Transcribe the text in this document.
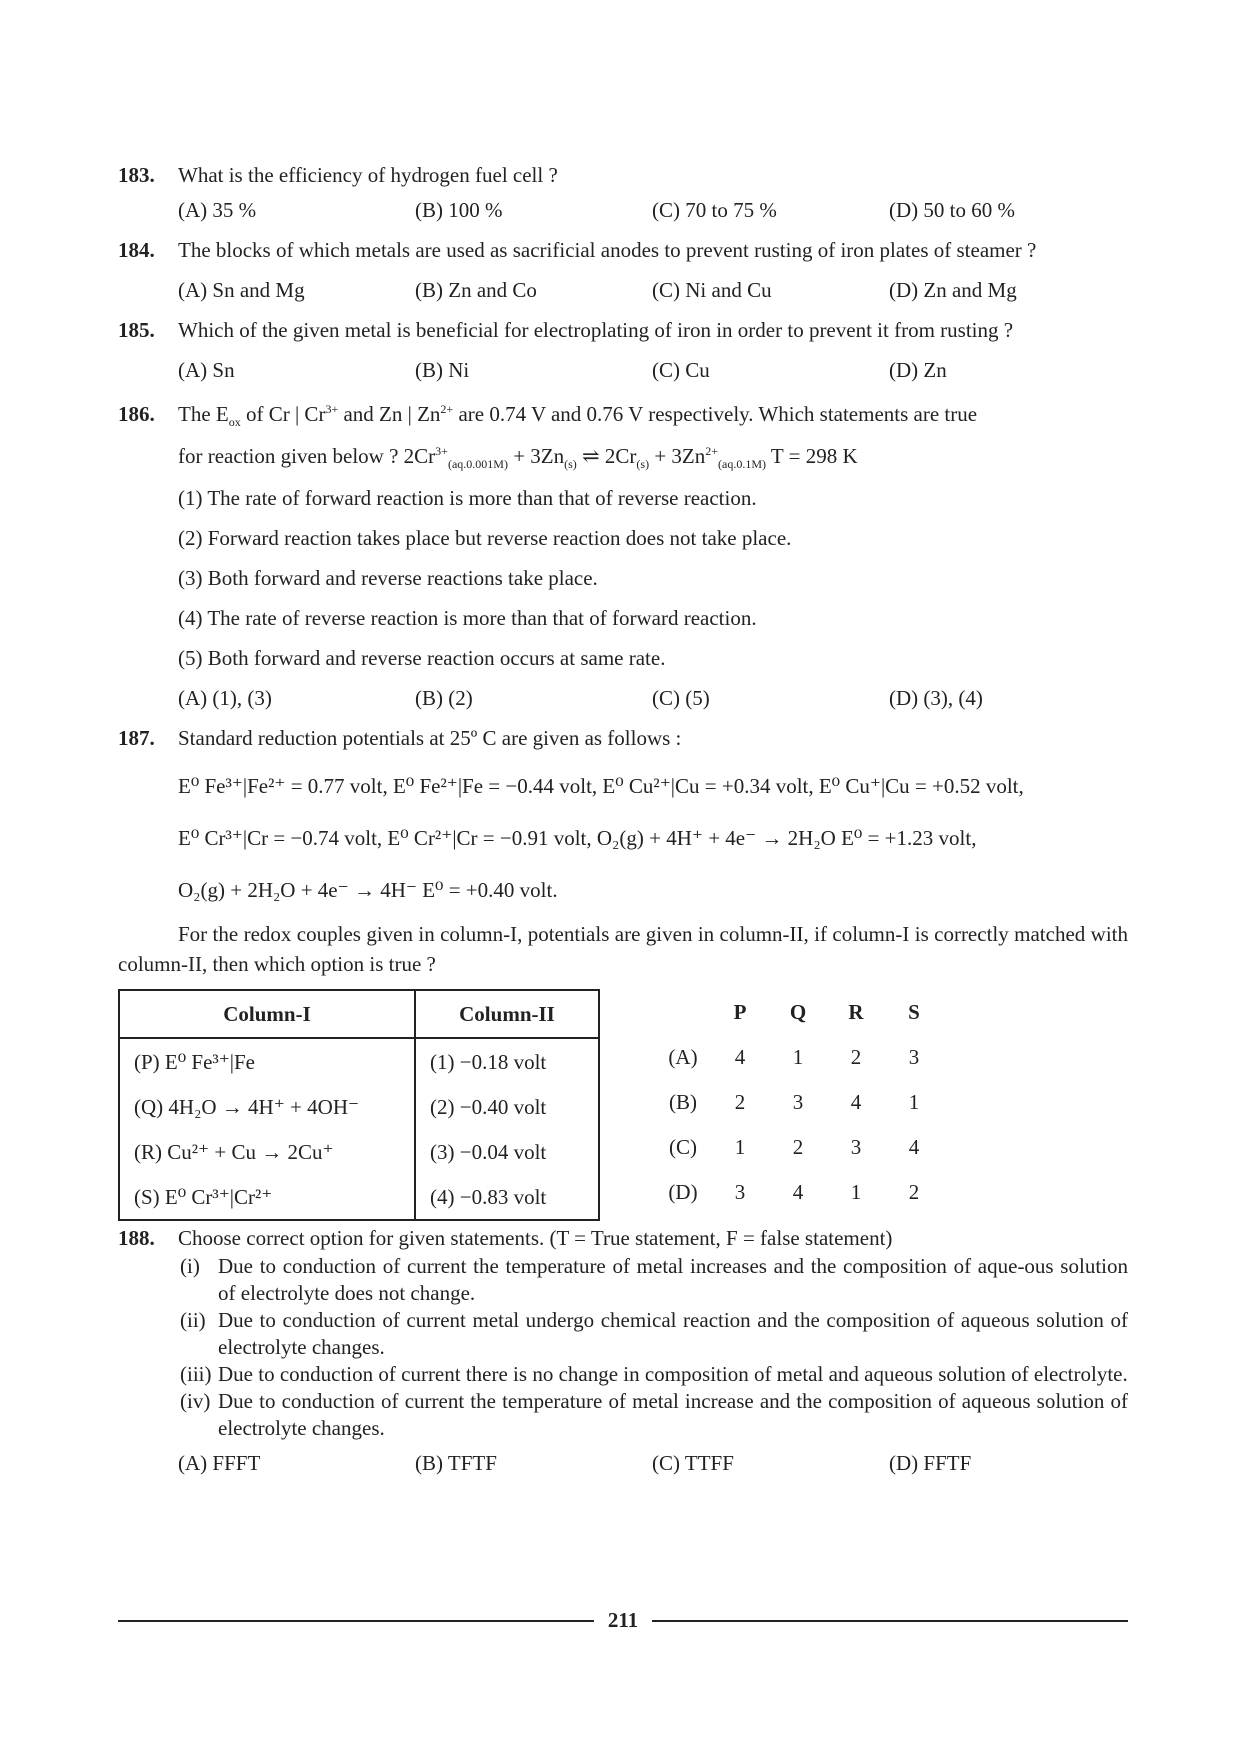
183.	What is the efficiency of hydrogen fuel cell ?
(A) 35 %	(B) 100 %	(C) 70 to 75 %	(D) 50 to 60 %
184.	The blocks of which metals are used as sacrificial anodes to prevent rusting of iron plates of steamer ?
(A) Sn and Mg	(B) Zn and Co	(C) Ni and Cu	(D) Zn and Mg
185.	Which of the given metal is beneficial for electroplating of iron in order to prevent it from rusting ?
(A) Sn	(B) Ni	(C) Cu	(D) Zn
186.	The $E_{ox}$ of Cr | $Cr^{3+}$ and Zn | $Zn^{2+}$ are 0.74 V and 0.76 V respectively. Which statements are true
for reaction given below ? $2Cr^{3+}_{(aq.0.001M)} + 3Zn_{(s)}$ ⇌ $2Cr_{(s)} + 3Zn^{2+}_{(aq.0.1M)}$ T = 298 K
(1) The rate of forward reaction is more than that of reverse reaction.
(2) Forward reaction takes place but reverse reaction does not take place.
(3) Both forward and reverse reactions take place.
(4) The rate of reverse reaction is more than that of forward reaction.
(5) Both forward and reverse reaction occurs at same rate.
(A) (1), (3)	(B) (2)	(C) (5)	(D) (3), (4)
187.	Standard reduction potentials at 25º C are given as follows :
E⁰ Fe³⁺|Fe²⁺ = 0.77 volt, E⁰ Fe²⁺|Fe = −0.44 volt, E⁰ Cu²⁺|Cu = +0.34 volt, E⁰ Cu⁺|Cu = +0.52 volt,
E⁰ Cr³⁺|Cr = −0.74 volt, E⁰ Cr²⁺|Cr = −0.91 volt, O₂(g) + 4H⁺ + 4e⁻ → 2H₂O E⁰ = +1.23 volt,
O₂(g) + 2H₂O + 4e⁻ → 4H⁻ E⁰ = +0.40 volt.
For the redox couples given in column-I, potentials are given in column-II, if column-I is correctly matched with column-II, then which option is true ?
Column-I	Column-II
(P) E⁰ Fe³⁺|Fe	(1) −0.18 volt
(Q) 4H₂O → 4H⁺ + 4OH⁻	(2) −0.40 volt
(R) Cu²⁺ + Cu → 2Cu⁺	(3) −0.04 volt
(S) E⁰ Cr³⁺|Cr²⁺	(4) −0.83 volt
P	Q	R	S
(A)	4	1	2	3
(B)	2	3	4	1
(C)	1	2	3	4
(D)	3	4	1	2
188.	Choose correct option for given statements. (T = True statement, F = false statement)
(i) Due to conduction of current the temperature of metal increases and the composition of aque-ous solution of electrolyte does not change.
(ii) Due to conduction of current metal undergo chemical reaction and the composition of aqueous solution of electrolyte changes.
(iii) Due to conduction of current there is no change in composition of metal and aqueous solution of electrolyte.
(iv) Due to conduction of current the temperature of metal increase and the composition of aqueous solution of electrolyte changes.
(A) FFFT	(B) TFTF	(C) TTFF	(D) FFTF
211
